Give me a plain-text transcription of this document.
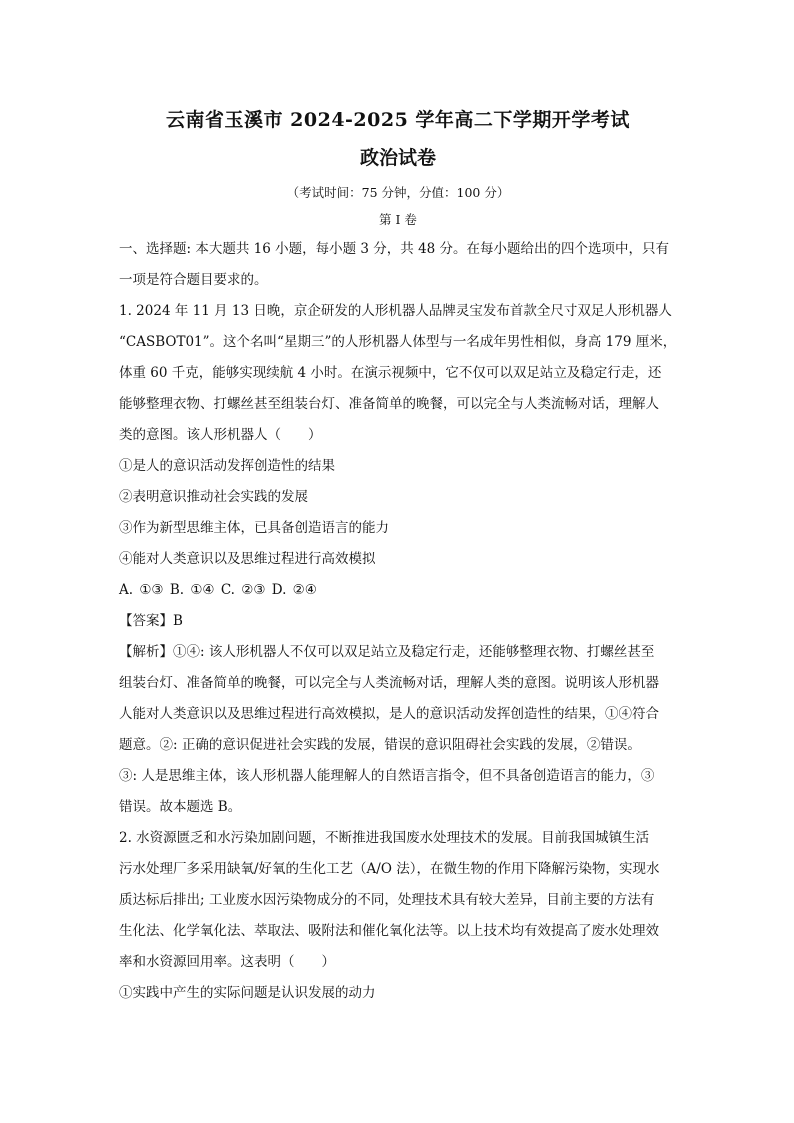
云南省玉溪市 2024-2025 学年高二下学期开学考试

政治试卷

（考试时间：75 分钟，分值：100 分）

第 I 卷

一、选择题: 本大题共 16 小题，每小题 3 分，共 48 分。在每小题给出的四个选项中，只有

一项是符合题目要求的。

1. 2024 年 11 月 13 日晚，京企研发的人形机器人品牌灵宝发布首款全尺寸双足人形机器人

“CASBOT01”。这个名叫“星期三”的人形机器人体型与一名成年男性相似，身高 179 厘米，

体重 60 千克，能够实现续航 4 小时。在演示视频中，它不仅可以双足站立及稳定行走，还

能够整理衣物、打螺丝甚至组装台灯、准备简单的晚餐，可以完全与人类流畅对话，理解人

类的意图。该人形机器人（　　）

①是人的意识活动发挥创造性的结果

②表明意识推动社会实践的发展

③作为新型思维主体，已具备创造语言的能力

④能对人类意识以及思维过程进行高效模拟

A. ①③ B. ①④ C. ②③ D. ②④

【答案】B

【解析】①④: 该人形机器人不仅可以双足站立及稳定行走，还能够整理衣物、打螺丝甚至

组装台灯、准备简单的晚餐，可以完全与人类流畅对话，理解人类的意图。说明该人形机器

人能对人类意识以及思维过程进行高效模拟，是人的意识活动发挥创造性的结果，①④符合

题意。②: 正确的意识促进社会实践的发展，错误的意识阻碍社会实践的发展，②错误。

③: 人是思维主体，该人形机器人能理解人的自然语言指令，但不具备创造语言的能力，③

错误。故本题选 B。

2. 水资源匮乏和水污染加剧问题，不断推进我国废水处理技术的发展。目前我国城镇生活

污水处理厂多采用缺氧/好氧的生化工艺（A/O 法），在微生物的作用下降解污染物，实现水

质达标后排出; 工业废水因污染物成分的不同，处理技术具有较大差异，目前主要的方法有

生化法、化学氧化法、萃取法、吸附法和催化氧化法等。以上技术均有效提高了废水处理效

率和水资源回用率。这表明（　　）

①实践中产生的实际问题是认识发展的动力
